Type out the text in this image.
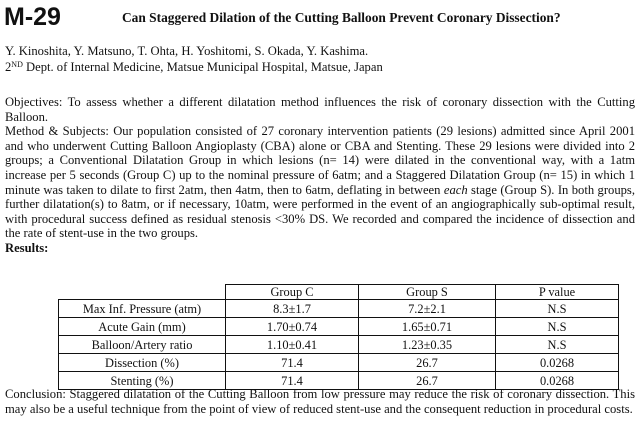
M-29	Can Staggered Dilation of the Cutting Balloon Prevent Coronary Dissection?
Y. Kinoshita, Y. Matsuno, T. Ohta, H. Yoshitomi, S. Okada, Y. Kashima.
2ND Dept. of Internal Medicine, Matsue Municipal Hospital, Matsue, Japan

Objectives: To assess whether a different dilatation method influences the risk of coronary dissection with the Cutting Balloon.

Method & Subjects: Our population consisted of 27 coronary intervention patients (29 lesions) admitted since April 2001 and who underwent Cutting Balloon Angioplasty (CBA) alone or CBA and Stenting. These 29 lesions were divided into 2 groups; a Conventional Dilatation Group in which lesions (n= 14) were dilated in the conventional way, with a 1atm increase per 5 seconds (Group C) up to the nominal pressure of 6atm; and a Staggered Dilatation Group (n= 15) in which 1 minute was taken to dilate to first 2atm, then 4atm, then to 6atm, deflating in between each stage (Group S). In both groups, further dilatation(s) to 8atm, or if necessary, 10atm, were performed in the event of an angiographically sub-optimal result, with procedural success defined as residual stenosis <30% DS. We recorded and compared the incidence of dissection and the rate of stent-use in the two groups.

Results:

	Group C	Group S	P value
Max Inf. Pressure (atm)	8.3±1.7	7.2±2.1	N.S
Acute Gain (mm)	1.70±0.74	1.65±0.71	N.S
Balloon/Artery ratio	1.10±0.41	1.23±0.35	N.S
Dissection (%)	71.4	26.7	0.0268
Stenting (%)	71.4	26.7	0.0268

Conclusion: Staggered dilatation of the Cutting Balloon from low pressure may reduce the risk of coronary dissection. This may also be a useful technique from the point of view of reduced stent-use and the consequent reduction in procedural costs.
